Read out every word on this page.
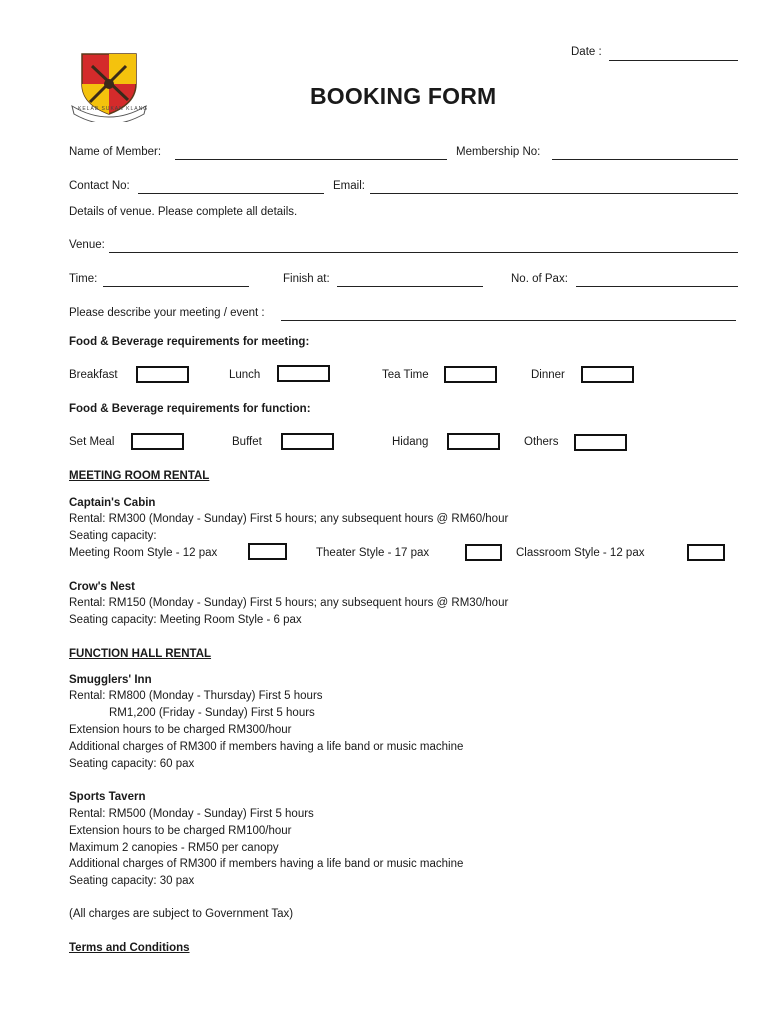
KELAB SUKAN KLANG
Date :
BOOKING FORM
Name of Member:	Membership No:
Contact No:	Email:
Details of venue. Please complete all details.
Venue:
Time:	Finish at:	No. of Pax:
Please describe your meeting / event :
Food & Beverage requirements for meeting:
Breakfast	Lunch	Tea Time	Dinner
Food & Beverage requirements for function:
Set Meal	Buffet	Hidang	Others
MEETING ROOM RENTAL
Captain's Cabin
Rental: RM300 (Monday - Sunday) First 5 hours; any subsequent hours @ RM60/hour
Seating capacity:
Meeting Room Style - 12 pax	Theater Style - 17 pax	Classroom Style - 12 pax
Crow's Nest
Rental: RM150 (Monday - Sunday) First 5 hours; any subsequent hours @ RM30/hour
Seating capacity: Meeting Room Style - 6 pax
FUNCTION HALL RENTAL
Smugglers' Inn
Rental: RM800 (Monday - Thursday) First 5 hours
RM1,200 (Friday - Sunday) First 5 hours
Extension hours to be charged RM300/hour
Additional charges of RM300 if members having a life band or music machine
Seating capacity: 60 pax
Sports Tavern
Rental: RM500 (Monday - Sunday) First 5 hours
Extension hours to be charged RM100/hour
Maximum 2 canopies - RM50 per canopy
Additional charges of RM300 if members having a life band or music machine
Seating capacity: 30 pax
(All charges are subject to Government Tax)
Terms and Conditions
